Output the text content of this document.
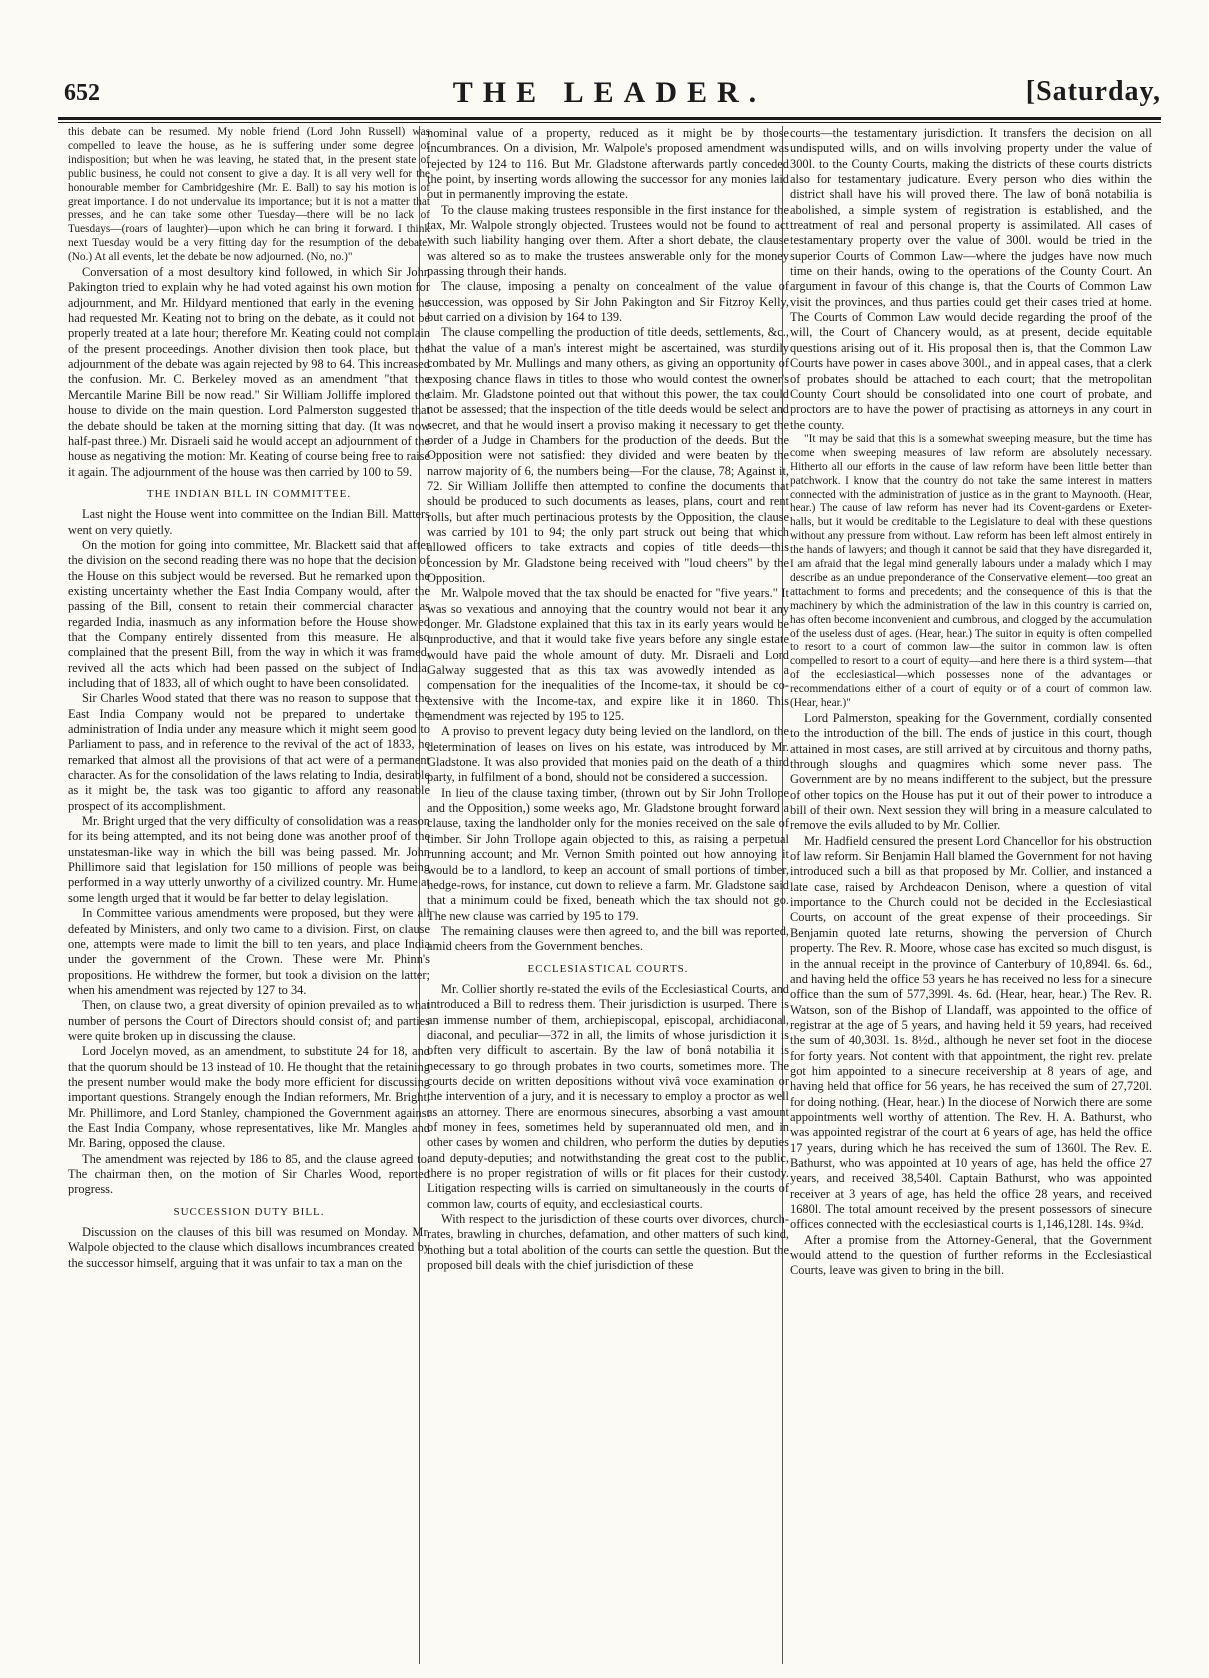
652	THE LEADER.	[Saturday,

this debate can be resumed. My noble friend (Lord John Russell) was compelled to leave the house, as he is suffering under some degree of indisposition; but when he was leaving, he stated that, in the present state of public business, he could not consent to give a day. It is all very well for the honourable member for Cambridgeshire (Mr. E. Ball) to say his motion is of great importance. I do not undervalue its importance; but it is not a matter that presses, and he can take some other Tuesday—there will be no lack of Tuesdays—(roars of laughter)—upon which he can bring it forward. I think next Tuesday would be a very fitting day for the resumption of the debate. (No.) At all events, let the debate be now adjourned. (No, no.)"

Conversation of a most desultory kind followed, in which Sir John Pakington tried to explain why he had voted against his own motion for adjournment, and Mr. Hildyard mentioned that early in the evening he had requested Mr. Keating not to bring on the debate, as it could not be properly treated at a late hour; therefore Mr. Keating could not complain of the present proceedings. Another division then took place, but the adjournment of the debate was again rejected by 98 to 64. This increased the confusion. Mr. C. Berkeley moved as an amendment "that the Mercantile Marine Bill be now read." Sir William Jolliffe implored the house to divide on the main question. Lord Palmerston suggested that the debate should be taken at the morning sitting that day. (It was now half-past three.) Mr. Disraeli said he would accept an adjournment of the house as negativing the motion: Mr. Keating of course being free to raise it again. The adjournment of the house was then carried by 100 to 59.

THE INDIAN BILL IN COMMITTEE.

Last night the House went into committee on the Indian Bill. Matters went on very quietly.

On the motion for going into committee, Mr. Blackett said that after the division on the second reading there was no hope that the decision of the House on this subject would be reversed. But he remarked upon the existing uncertainty whether the East India Company would, after the passing of the Bill, consent to retain their commercial character as regarded India, inasmuch as any information before the House showed that the Company entirely dissented from this measure. He also complained that the present Bill, from the way in which it was framed, revived all the acts which had been passed on the subject of India, including that of 1833, all of which ought to have been consolidated.

Sir Charles Wood stated that there was no reason to suppose that the East India Company would not be prepared to undertake the administration of India under any measure which it might seem good to Parliament to pass, and in reference to the revival of the act of 1833, he remarked that almost all the provisions of that act were of a permanent character. As for the consolidation of the laws relating to India, desirable as it might be, the task was too gigantic to afford any reasonable prospect of its accomplishment.

Mr. Bright urged that the very difficulty of consolidation was a reason for its being attempted, and its not being done was another proof of the unstatesman-like way in which the bill was being passed. Mr. John Phillimore said that legislation for 150 millions of people was being performed in a way utterly unworthy of a civilized country. Mr. Hume at some length urged that it would be far better to delay legislation.

In Committee various amendments were proposed, but they were all defeated by Ministers, and only two came to a division. First, on clause one, attempts were made to limit the bill to ten years, and place India under the government of the Crown. These were Mr. Phinn's propositions. He withdrew the former, but took a division on the latter; when his amendment was rejected by 127 to 34.

Then, on clause two, a great diversity of opinion prevailed as to what number of persons the Court of Directors should consist of; and parties were quite broken up in discussing the clause.

Lord Jocelyn moved, as an amendment, to substitute 24 for 18, and that the quorum should be 13 instead of 10. He thought that the retaining the present number would make the body more efficient for discussing important questions. Strangely enough the Indian reformers, Mr. Bright, Mr. Phillimore, and Lord Stanley, championed the Government against the East India Company, whose representatives, like Mr. Mangles and Mr. Baring, opposed the clause.

The amendment was rejected by 186 to 85, and the clause agreed to. The chairman then, on the motion of Sir Charles Wood, reported progress.

SUCCESSION DUTY BILL.

Discussion on the clauses of this bill was resumed on Monday. Mr. Walpole objected to the clause which disallows incumbrances created by the successor himself, arguing that it was unfair to tax a man on the

nominal value of a property, reduced as it might be by those incumbrances. On a division, Mr. Walpole's proposed amendment was rejected by 124 to 116. But Mr. Gladstone afterwards partly conceded the point, by inserting words allowing the successor for any monies laid out in permanently improving the estate.

To the clause making trustees responsible in the first instance for the tax, Mr. Walpole strongly objected. Trustees would not be found to act with such liability hanging over them. After a short debate, the clause was altered so as to make the trustees answerable only for the money passing through their hands.

The clause, imposing a penalty on concealment of the value of succession, was opposed by Sir John Pakington and Sir Fitzroy Kelly, but carried on a division by 164 to 139.

The clause compelling the production of title deeds, settlements, &c., that the value of a man's interest might be ascertained, was sturdily combated by Mr. Mullings and many others, as giving an opportunity of exposing chance flaws in titles to those who would contest the owner's claim. Mr. Gladstone pointed out that without this power, the tax could not be assessed; that the inspection of the title deeds would be select and secret, and that he would insert a proviso making it necessary to get the order of a Judge in Chambers for the production of the deeds. But the Opposition were not satisfied: they divided and were beaten by the narrow majority of 6, the numbers being—For the clause, 78; Against it, 72. Sir William Jolliffe then attempted to confine the documents that should be produced to such documents as leases, plans, court and rent rolls, but after much pertinacious protests by the Opposition, the clause was carried by 101 to 94; the only part struck out being that which allowed officers to take extracts and copies of title deeds—this concession by Mr. Gladstone being received with "loud cheers" by the Opposition.

Mr. Walpole moved that the tax should be enacted for "five years." It was so vexatious and annoying that the country would not bear it any longer. Mr. Gladstone explained that this tax in its early years would be unproductive, and that it would take five years before any single estate would have paid the whole amount of duty. Mr. Disraeli and Lord Galway suggested that as this tax was avowedly intended as a compensation for the inequalities of the Income-tax, it should be co-extensive with the Income-tax, and expire like it in 1860. This amendment was rejected by 195 to 125.

A proviso to prevent legacy duty being levied on the landlord, on the determination of leases on lives on his estate, was introduced by Mr. Gladstone. It was also provided that monies paid on the death of a third party, in fulfilment of a bond, should not be considered a succession.

In lieu of the clause taxing timber, (thrown out by Sir John Trollope and the Opposition,) some weeks ago, Mr. Gladstone brought forward a clause, taxing the landholder only for the monies received on the sale of timber. Sir John Trollope again objected to this, as raising a perpetual running account; and Mr. Vernon Smith pointed out how annoying it would be to a landlord, to keep an account of small portions of timber, hedge-rows, for instance, cut down to relieve a farm. Mr. Gladstone said that a minimum could be fixed, beneath which the tax should not go. The new clause was carried by 195 to 179.

The remaining clauses were then agreed to, and the bill was reported, amid cheers from the Government benches.

ECCLESIASTICAL COURTS.

Mr. Collier shortly re-stated the evils of the Ecclesiastical Courts, and introduced a Bill to redress them. Their jurisdiction is usurped. There is an immense number of them, archiepiscopal, episcopal, archidiaconal, diaconal, and peculiar—372 in all, the limits of whose jurisdiction it is often very difficult to ascertain. By the law of bonâ notabilia it is necessary to go through probates in two courts, sometimes more. The courts decide on written depositions without vivâ voce examination or the intervention of a jury, and it is necessary to employ a proctor as well as an attorney. There are enormous sinecures, absorbing a vast amount of money in fees, sometimes held by superannuated old men, and in other cases by women and children, who perform the duties by deputies and deputy-deputies; and notwithstanding the great cost to the public, there is no proper registration of wills or fit places for their custody. Litigation respecting wills is carried on simultaneously in the courts of common law, courts of equity, and ecclesiastical courts.

With respect to the jurisdiction of these courts over divorces, church-rates, brawling in churches, defamation, and other matters of such kind, nothing but a total abolition of the courts can settle the question. But the proposed bill deals with the chief jurisdiction of these

courts—the testamentary jurisdiction. It transfers the decision on all undisputed wills, and on wills involving property under the value of 300l. to the County Courts, making the districts of these courts districts also for testamentary judicature. Every person who dies within the district shall have his will proved there. The law of bonâ notabilia is abolished, a simple system of registration is established, and the treatment of real and personal property is assimilated. All cases of testamentary property over the value of 300l. would be tried in the superior Courts of Common Law—where the judges have now much time on their hands, owing to the operations of the County Court. An argument in favour of this change is, that the Courts of Common Law visit the provinces, and thus parties could get their cases tried at home. The Courts of Common Law would decide regarding the proof of the will, the Court of Chancery would, as at present, decide equitable questions arising out of it. His proposal then is, that the Common Law Courts have power in cases above 300l., and in appeal cases, that a clerk of probates should be attached to each court; that the metropolitan County Court should be consolidated into one court of probate, and proctors are to have the power of practising as attorneys in any court in the county.

"It may be said that this is a somewhat sweeping measure, but the time has come when sweeping measures of law reform are absolutely necessary. Hitherto all our efforts in the cause of law reform have been little better than patchwork. I know that the country do not take the same interest in matters connected with the administration of justice as in the grant to Maynooth. (Hear, hear.) The cause of law reform has never had its Covent-gardens or Exeter-halls, but it would be creditable to the Legislature to deal with these questions without any pressure from without. Law reform has been left almost entirely in the hands of lawyers; and though it cannot be said that they have disregarded it, I am afraid that the legal mind generally labours under a malady which I may describe as an undue preponderance of the Conservative element—too great an attachment to forms and precedents; and the consequence of this is that the machinery by which the administration of the law in this country is carried on, has often become inconvenient and cumbrous, and clogged by the accumulation of the useless dust of ages. (Hear, hear.) The suitor in equity is often compelled to resort to a court of common law—the suitor in common law is often compelled to resort to a court of equity—and here there is a third system—that of the ecclesiastical—which possesses none of the advantages or recommendations either of a court of equity or of a court of common law. (Hear, hear.)"

Lord Palmerston, speaking for the Government, cordially consented to the introduction of the bill. The ends of justice in this court, though attained in most cases, are still arrived at by circuitous and thorny paths, through sloughs and quagmires which some never pass. The Government are by no means indifferent to the subject, but the pressure of other topics on the House has put it out of their power to introduce a bill of their own. Next session they will bring in a measure calculated to remove the evils alluded to by Mr. Collier.

Mr. Hadfield censured the present Lord Chancellor for his obstruction of law reform. Sir Benjamin Hall blamed the Government for not having introduced such a bill as that proposed by Mr. Collier, and instanced a late case, raised by Archdeacon Denison, where a question of vital importance to the Church could not be decided in the Ecclesiastical Courts, on account of the great expense of their proceedings. Sir Benjamin quoted late returns, showing the perversion of Church property. The Rev. R. Moore, whose case has excited so much disgust, is in the annual receipt in the province of Canterbury of 10,894l. 6s. 6d., and having held the office 53 years he has received no less for a sinecure office than the sum of 577,399l. 4s. 6d. (Hear, hear, hear.) The Rev. R. Watson, son of the Bishop of Llandaff, was appointed to the office of registrar at the age of 5 years, and having held it 59 years, had received the sum of 40,303l. 1s. 8½d., although he never set foot in the diocese for forty years. Not content with that appointment, the right rev. prelate got him appointed to a sinecure receivership at 8 years of age, and having held that office for 56 years, he has received the sum of 27,720l. for doing nothing. (Hear, hear.) In the diocese of Norwich there are some appointments well worthy of attention. The Rev. H. A. Bathurst, who was appointed registrar of the court at 6 years of age, has held the office 17 years, during which he has received the sum of 1360l. The Rev. E. Bathurst, who was appointed at 10 years of age, has held the office 27 years, and received 38,540l. Captain Bathurst, who was appointed receiver at 3 years of age, has held the office 28 years, and received 1680l. The total amount received by the present possessors of sinecure offices connected with the ecclesiastical courts is 1,146,128l. 14s. 9¾d.

After a promise from the Attorney-General, that the Government would attend to the question of further reforms in the Ecclesiastical Courts, leave was given to bring in the bill.
